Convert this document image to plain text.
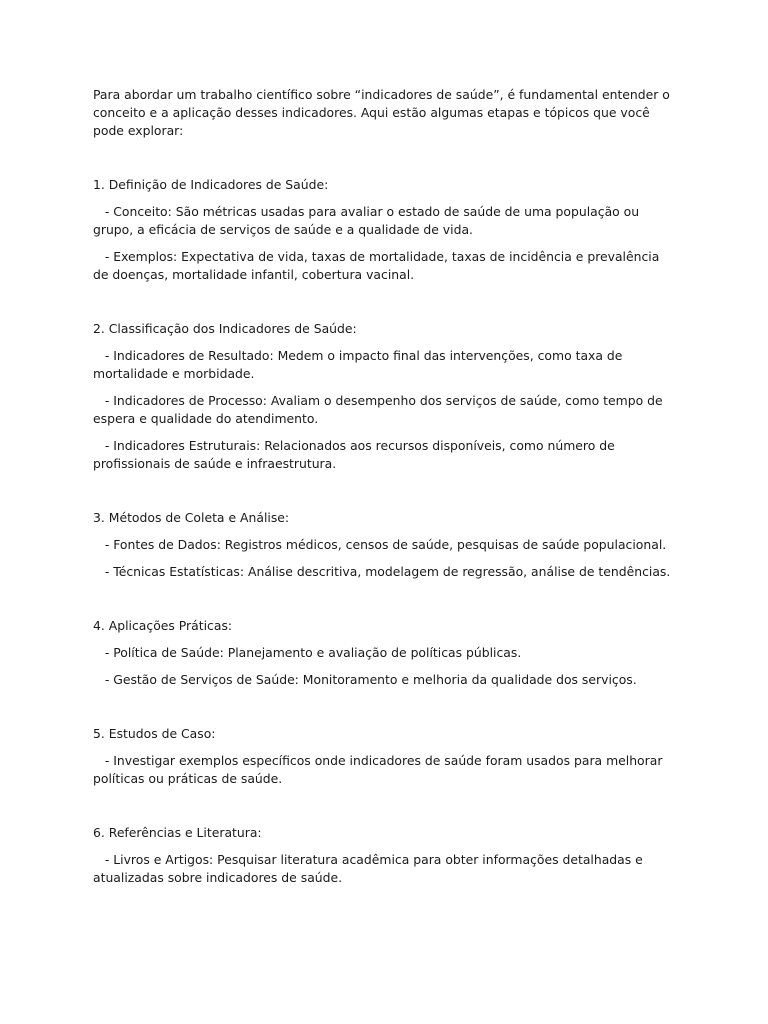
Para abordar um trabalho científico sobre “indicadores de saúde”, é fundamental entender o conceito e a aplicação desses indicadores. Aqui estão algumas etapas e tópicos que você pode explorar:

1. Definição de Indicadores de Saúde:

- Conceito: São métricas usadas para avaliar o estado de saúde de uma população ou grupo, a eficácia de serviços de saúde e a qualidade de vida.

- Exemplos: Expectativa de vida, taxas de mortalidade, taxas de incidência e prevalência de doenças, mortalidade infantil, cobertura vacinal.

2. Classificação dos Indicadores de Saúde:

- Indicadores de Resultado: Medem o impacto final das intervenções, como taxa de mortalidade e morbidade.

- Indicadores de Processo: Avaliam o desempenho dos serviços de saúde, como tempo de espera e qualidade do atendimento.

- Indicadores Estruturais: Relacionados aos recursos disponíveis, como número de profissionais de saúde e infraestrutura.

3. Métodos de Coleta e Análise:

- Fontes de Dados: Registros médicos, censos de saúde, pesquisas de saúde populacional.

- Técnicas Estatísticas: Análise descritiva, modelagem de regressão, análise de tendências.

4. Aplicações Práticas:

- Política de Saúde: Planejamento e avaliação de políticas públicas.

- Gestão de Serviços de Saúde: Monitoramento e melhoria da qualidade dos serviços.

5. Estudos de Caso:

- Investigar exemplos específicos onde indicadores de saúde foram usados para melhorar políticas ou práticas de saúde.

6. Referências e Literatura:

- Livros e Artigos: Pesquisar literatura acadêmica para obter informações detalhadas e atualizadas sobre indicadores de saúde.
